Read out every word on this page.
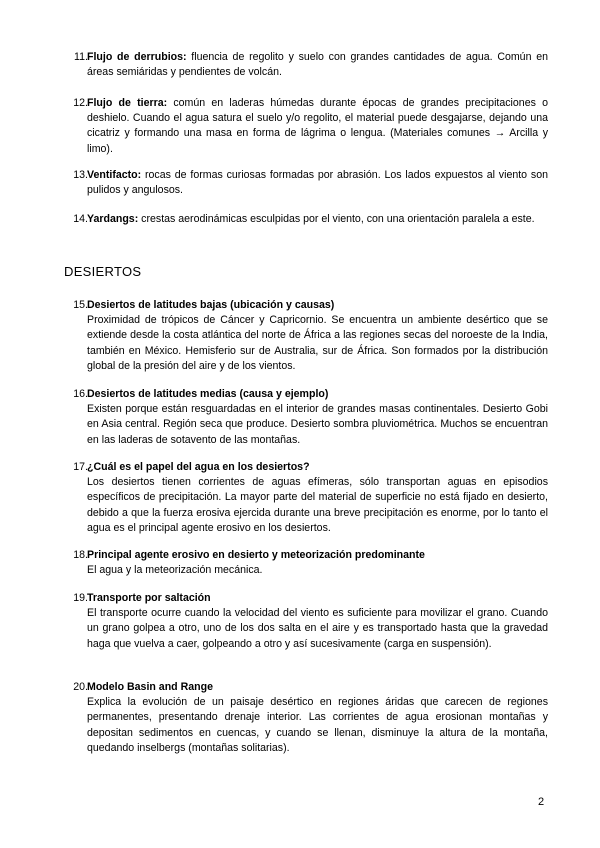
11. Flujo de derrubios: fluencia de regolito y suelo con grandes cantidades de agua. Común en áreas semiáridas y pendientes de volcán.
12. Flujo de tierra: común en laderas húmedas durante épocas de grandes precipitaciones o deshielo. Cuando el agua satura el suelo y/o regolito, el material puede desgajarse, dejando una cicatriz y formando una masa en forma de lágrima o lengua. (Materiales comunes → Arcilla y limo).
13. Ventifacto: rocas de formas curiosas formadas por abrasión. Los lados expuestos al viento son pulidos y angulosos.
14. Yardangs: crestas aerodinámicas esculpidas por el viento, con una orientación paralela a este.
DESIERTOS
15. Desiertos de latitudes bajas (ubicación y causas)
Proximidad de trópicos de Cáncer y Capricornio. Se encuentra un ambiente desértico que se extiende desde la costa atlántica del norte de África a las regiones secas del noroeste de la India, también en México. Hemisferio sur de Australia, sur de África. Son formados por la distribución global de la presión del aire y de los vientos.
16. Desiertos de latitudes medias (causa y ejemplo)
Existen porque están resguardadas en el interior de grandes masas continentales. Desierto Gobi en Asia central. Región seca que produce. Desierto sombra pluviométrica. Muchos se encuentran en las laderas de sotavento de las montañas.
17. ¿Cuál es el papel del agua en los desiertos?
Los desiertos tienen corrientes de aguas efímeras, sólo transportan aguas en episodios específicos de precipitación. La mayor parte del material de superficie no está fijado en desierto, debido a que la fuerza erosiva ejercida durante una breve precipitación es enorme, por lo tanto el agua es el principal agente erosivo en los desiertos.
18. Principal agente erosivo en desierto y meteorización predominante
El agua y la meteorización mecánica.
19. Transporte por saltación
El transporte ocurre cuando la velocidad del viento es suficiente para movilizar el grano. Cuando un grano golpea a otro, uno de los dos salta en el aire y es transportado hasta que la gravedad haga que vuelva a caer, golpeando a otro y así sucesivamente (carga en suspensión).
20. Modelo Basin and Range
Explica la evolución de un paisaje desértico en regiones áridas que carecen de regiones permanentes, presentando drenaje interior. Las corrientes de agua erosionan montañas y depositan sedimentos en cuencas, y cuando se llenan, disminuye la altura de la montaña, quedando inselbergs (montañas solitarias).
2
